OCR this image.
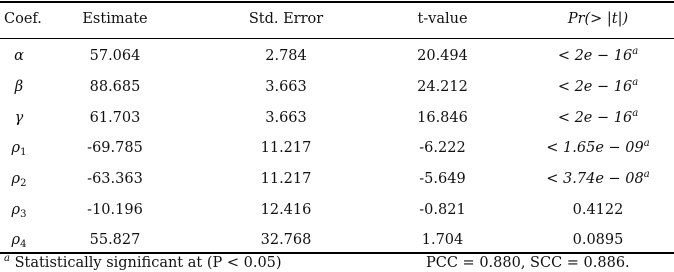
Coef.	Estimate	Std. Error	t-value	Pr(> |t|)
α	57.064	2.784	20.494	< $2e - 16^a$
β	88.685	3.663	24.212	< $2e - 16^a$
γ	61.703	3.663	16.846	< $2e - 16^a$
$\rho_1$	-69.785	11.217	-6.222	< $1.65e - 09^a$
$\rho_2$	-63.363	11.217	-5.649	< $3.74e - 08^a$
$\rho_3$	-10.196	12.416	-0.821	0.4122
$\rho_4$	55.827	32.768	1.704	0.0895
$^a$ Statistically significant at (P < 0.05)	PCC = 0.880, SCC = 0.886.
